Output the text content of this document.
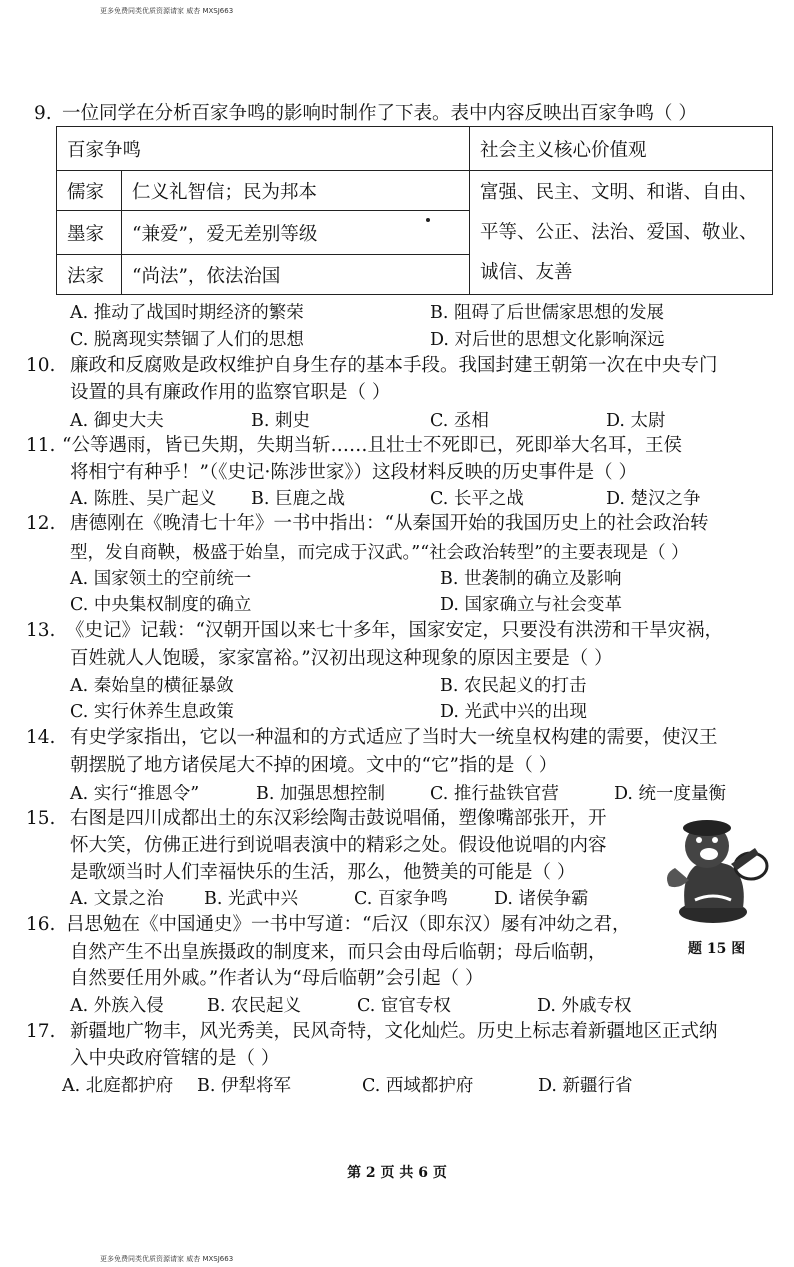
更多免费同类优质资源请家 威杏 MXSJ663
9. 一位同学在分析百家争鸣的影响时制作了下表。表中内容反映出百家争鸣（ ）
百家争鸣		社会主义核心价值观
儒家	仁义礼智信；民为邦本	富强、民主、文明、和谐、自由、
平等、公正、法治、爱国、敬业、
诚信、友善

墨家	“兼爱”，爱无差别等级	
法家	“尚法”，依法治国	
A. 推动了战国时期经济的繁荣	B. 阻碍了后世儒家思想的发展
C. 脱离现实禁锢了人们的思想	D. 对后世的思想文化影响深远
10. 廉政和反腐败是政权维护自身生存的基本手段。我国封建王朝第一次在中央专门
设置的具有廉政作用的监察官职是（ ）
A. 御史大夫	B. 刺史	C. 丞相	D. 太尉
11. “公等遇雨，皆已失期，失期当斩……且壮士不死即已，死即举大名耳，王侯
将相宁有种乎！”（《史记·陈涉世家》）这段材料反映的历史事件是（ ）
A. 陈胜、吴广起义 B. 巨鹿之战	C. 长平之战	D. 楚汉之争
12. 唐德刚在《晚清七十年》一书中指出：“从秦国开始的我国历史上的社会政治转
型，发自商鞅，极盛于始皇，而完成于汉武。”“社会政治转型”的主要表现是（ ）
A. 国家领土的空前统一	B. 世袭制的确立及影响
C. 中央集权制度的确立	D. 国家确立与社会变革
13. 《史记》记载：“汉朝开国以来七十多年，国家安定，只要没有洪涝和干旱灾祸，
百姓就人人饱暖，家家富裕。”汉初出现这种现象的原因主要是（ ）
A. 秦始皇的横征暴敛	B. 农民起义的打击
C. 实行休养生息政策	D. 光武中兴的出现
14. 有史学家指出，它以一种温和的方式适应了当时大一统皇权构建的需要，使汉王
朝摆脱了地方诸侯尾大不掉的困境。文中的“它”指的是（ ）
A. 实行“推恩令”	B. 加强思想控制	C. 推行盐铁官营	D. 统一度量衡
15. 右图是四川成都出土的东汉彩绘陶击鼓说唱俑，塑像嘴部张开，开
怀大笑，仿佛正进行到说唱表演中的精彩之处。假设他说唱的内容
是歌颂当时人们幸福快乐的生活，那么，他赞美的可能是（ ）
A. 文景之治 B. 光武中兴	C. 百家争鸣	D. 诸侯争霸
题 15 图
16. 吕思勉在《中国通史》一书中写道：“后汉（即东汉）屡有冲幼之君，
自然产生不出皇族摄政的制度来，而只会由母后临朝；母后临朝，
自然要任用外戚。”作者认为“母后临朝”会引起（ ）
A. 外族入侵 B. 农民起义	C. 宦官专权	D. 外戚专权
17. 新疆地广物丰，风光秀美，民风奇特，文化灿烂。历史上标志着新疆地区正式纳
入中央政府管辖的是（ ）
A. 北庭都护府 B. 伊犁将军	C. 西域都护府	D. 新疆行省
第 2 页 共 6 页
更多免费同类优质资源请家 威杏 MXSJ663
